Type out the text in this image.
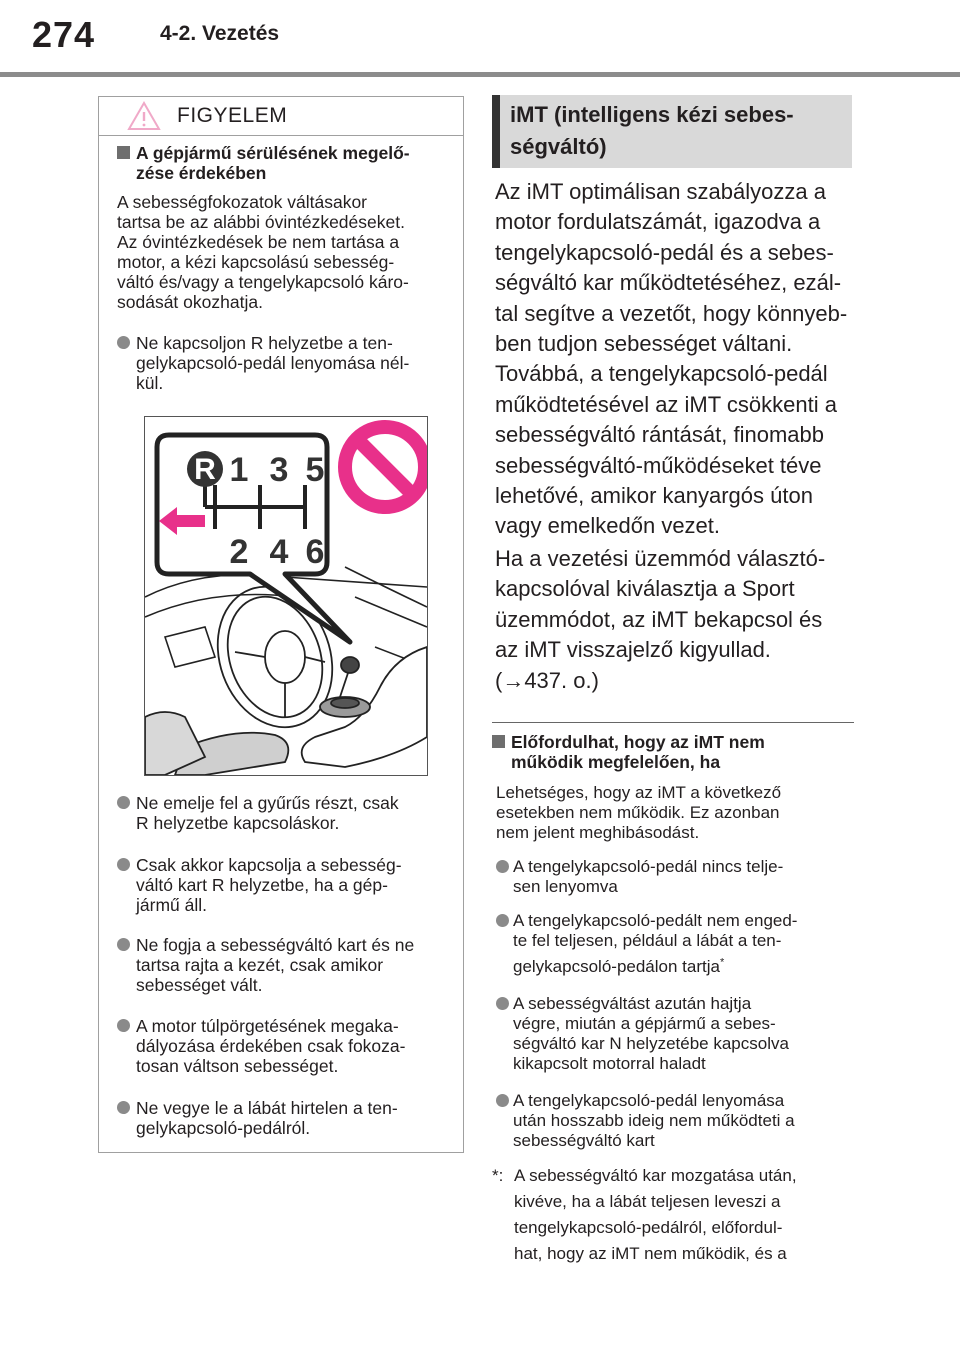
274	4-2. Vezetés
FIGYELEM
A gépjármű sérülésének megelő-
zése érdekében
A sebességfokozatok váltásakor
tartsa be az alábbi óvintézkedéseket.
Az óvintézkedések be nem tartása a
motor, a kézi kapcsolású sebesség-
váltó és/vagy a tengelykapcsoló káro-
sodását okozhatja.
Ne kapcsoljon R helyzetbe a ten-
gelykapcsoló-pedál lenyomása nél-
kül.
Ne emelje fel a gyűrűs részt, csak
R helyzetbe kapcsoláskor.
Csak akkor kapcsolja a sebesség-
váltó kart R helyzetbe, ha a gép-
jármű áll.
Ne fogja a sebességváltó kart és ne
tartsa rajta a kezét, csak amikor
sebességet vált.
A motor túlpörgetésének megaka-
dályozása érdekében csak fokoza-
tosan váltson sebességet.
Ne vegye le a lábát hirtelen a ten-
gelykapcsoló-pedálról.
R 1 3 5
2 4 6
iMT (intelligens kézi sebes-
ségváltó)
Az iMT optimálisan szabályozza a
motor fordulatszámát, igazodva a
tengelykapcsoló-pedál és a sebes-
ségváltó kar működtetéséhez, ezál-
tal segítve a vezetőt, hogy könnyeb-
ben tudjon sebességet váltani.
Továbbá, a tengelykapcsoló-pedál
működtetésével az iMT csökkenti a
sebességváltó rántását, finomabb
sebességváltó-működéseket téve
lehetővé, amikor kanyargós úton
vagy emelkedőn vezet.
Ha a vezetési üzemmód választó-
kapcsolóval kiválasztja a Sport
üzemmódot, az iMT bekapcsol és
az iMT visszajelző kigyullad.
(→437. o.)
Előfordulhat, hogy az iMT nem
működik megfelelően, ha
Lehetséges, hogy az iMT a következő
esetekben nem működik. Ez azonban
nem jelent meghibásodást.
A tengelykapcsoló-pedál nincs telje-
sen lenyomva
A tengelykapcsoló-pedált nem enged-
te fel teljesen, például a lábát a ten-
gelykapcsoló-pedálon tartja*
A sebességváltást azután hajtja
végre, miután a gépjármű a sebes-
ségváltó kar N helyzetébe kapcsolva
kikapcsolt motorral haladt
A tengelykapcsoló-pedál lenyomása
után hosszabb ideig nem működteti a
sebességváltó kart
*: A sebességváltó kar mozgatása után,
kivéve, ha a lábát teljesen leveszi a
tengelykapcsoló-pedálról, előfordul-
hat, hogy az iMT nem működik, és a
